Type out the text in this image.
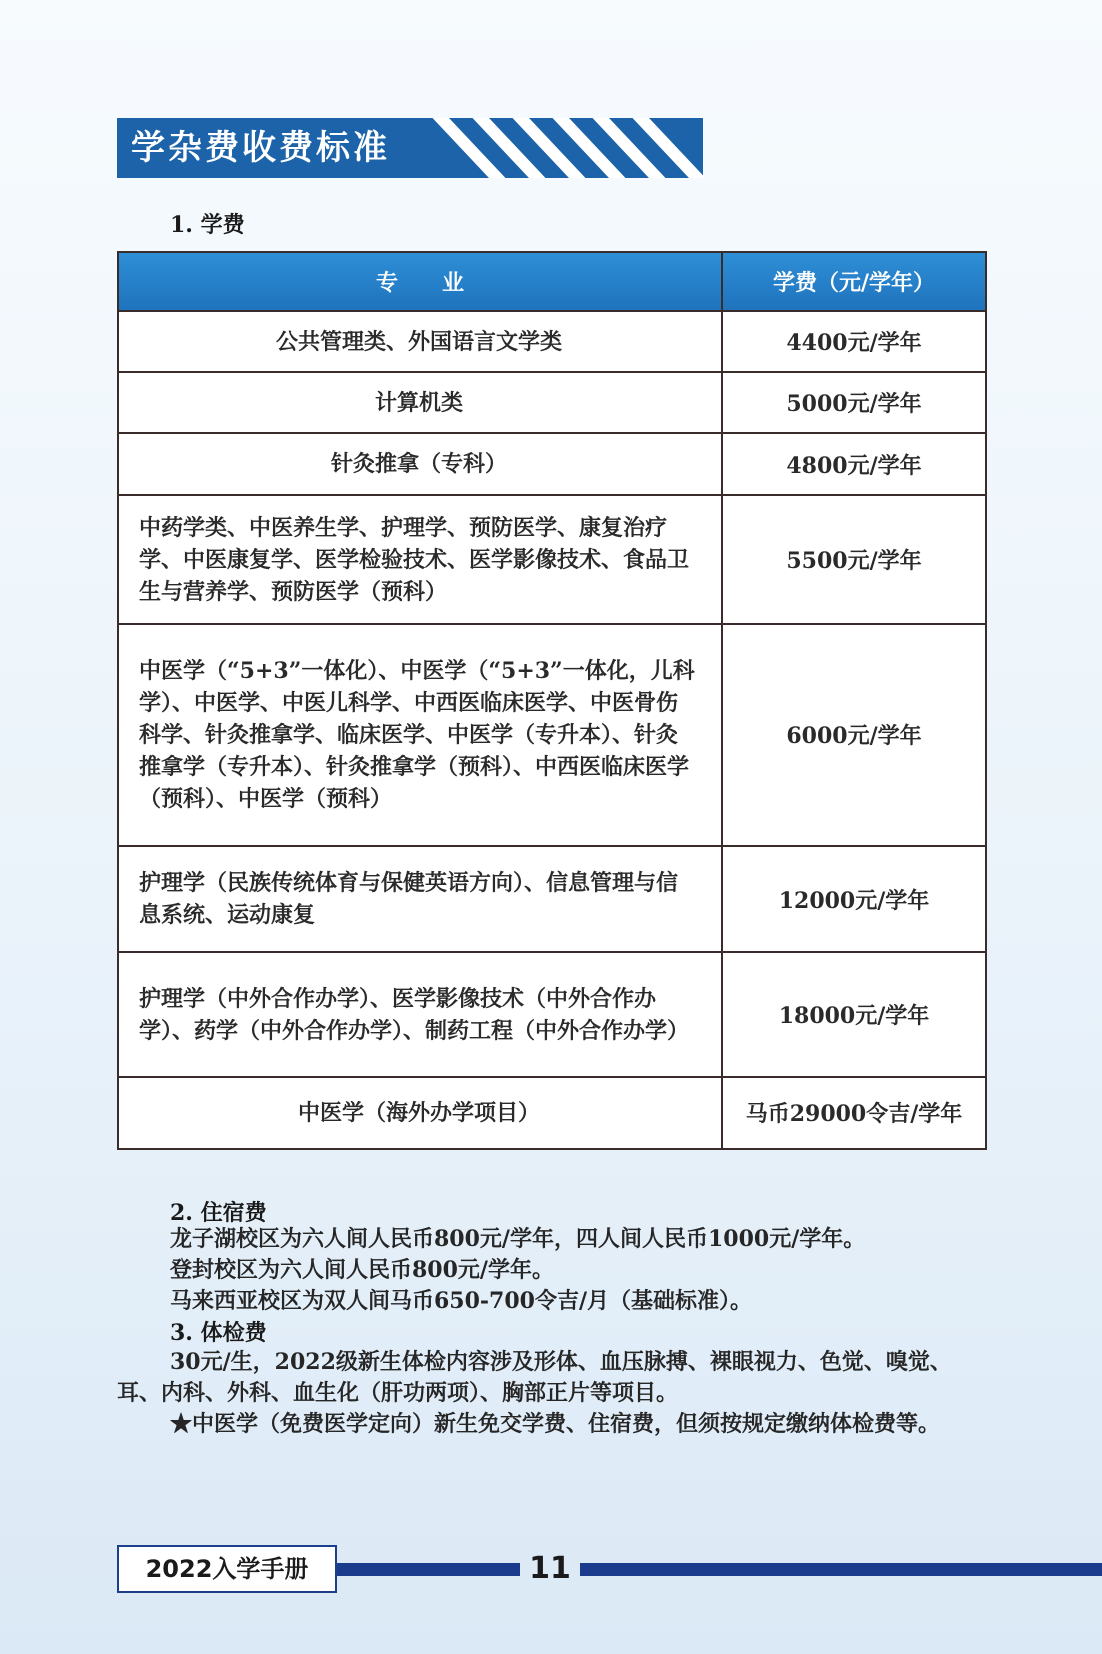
学杂费收费标准
1. 学费
专　　业	学费（元/学年）
公共管理类、外国语言文学类	4400元/学年
计算机类	5000元/学年
针灸推拿（专科）	4800元/学年
中药学类、中医养生学、护理学、预防医学、康复治疗学、中医康复学、医学检验技术、医学影像技术、食品卫生与营养学、预防医学（预科）	5500元/学年
中医学（“5+3”一体化）、中医学（“5+3”一体化，儿科学）、中医学、中医儿科学、中西医临床医学、中医骨伤科学、针灸推拿学、临床医学、中医学（专升本）、针灸推拿学（专升本）、针灸推拿学（预科）、中西医临床医学（预科）、中医学（预科）	6000元/学年
护理学（民族传统体育与保健英语方向）、信息管理与信息系统、运动康复	12000元/学年
护理学（中外合作办学）、医学影像技术（中外合作办学）、药学（中外合作办学）、制药工程（中外合作办学）	18000元/学年
中医学（海外办学项目）	马币29000令吉/学年
2. 住宿费

龙子湖校区为六人间人民币800元/学年，四人间人民币1000元/学年。

登封校区为六人间人民币800元/学年。

马来西亚校区为双人间马币650-700令吉/月（基础标准）。

3. 体检费

30元/生，2022级新生体检内容涉及形体、血压脉搏、裸眼视力、色觉、嗅觉、耳、内科、外科、血生化（肝功两项）、胸部正片等项目。

★中医学（免费医学定向）新生免交学费、住宿费，但须按规定缴纳体检费等。

2022入学手册	11
